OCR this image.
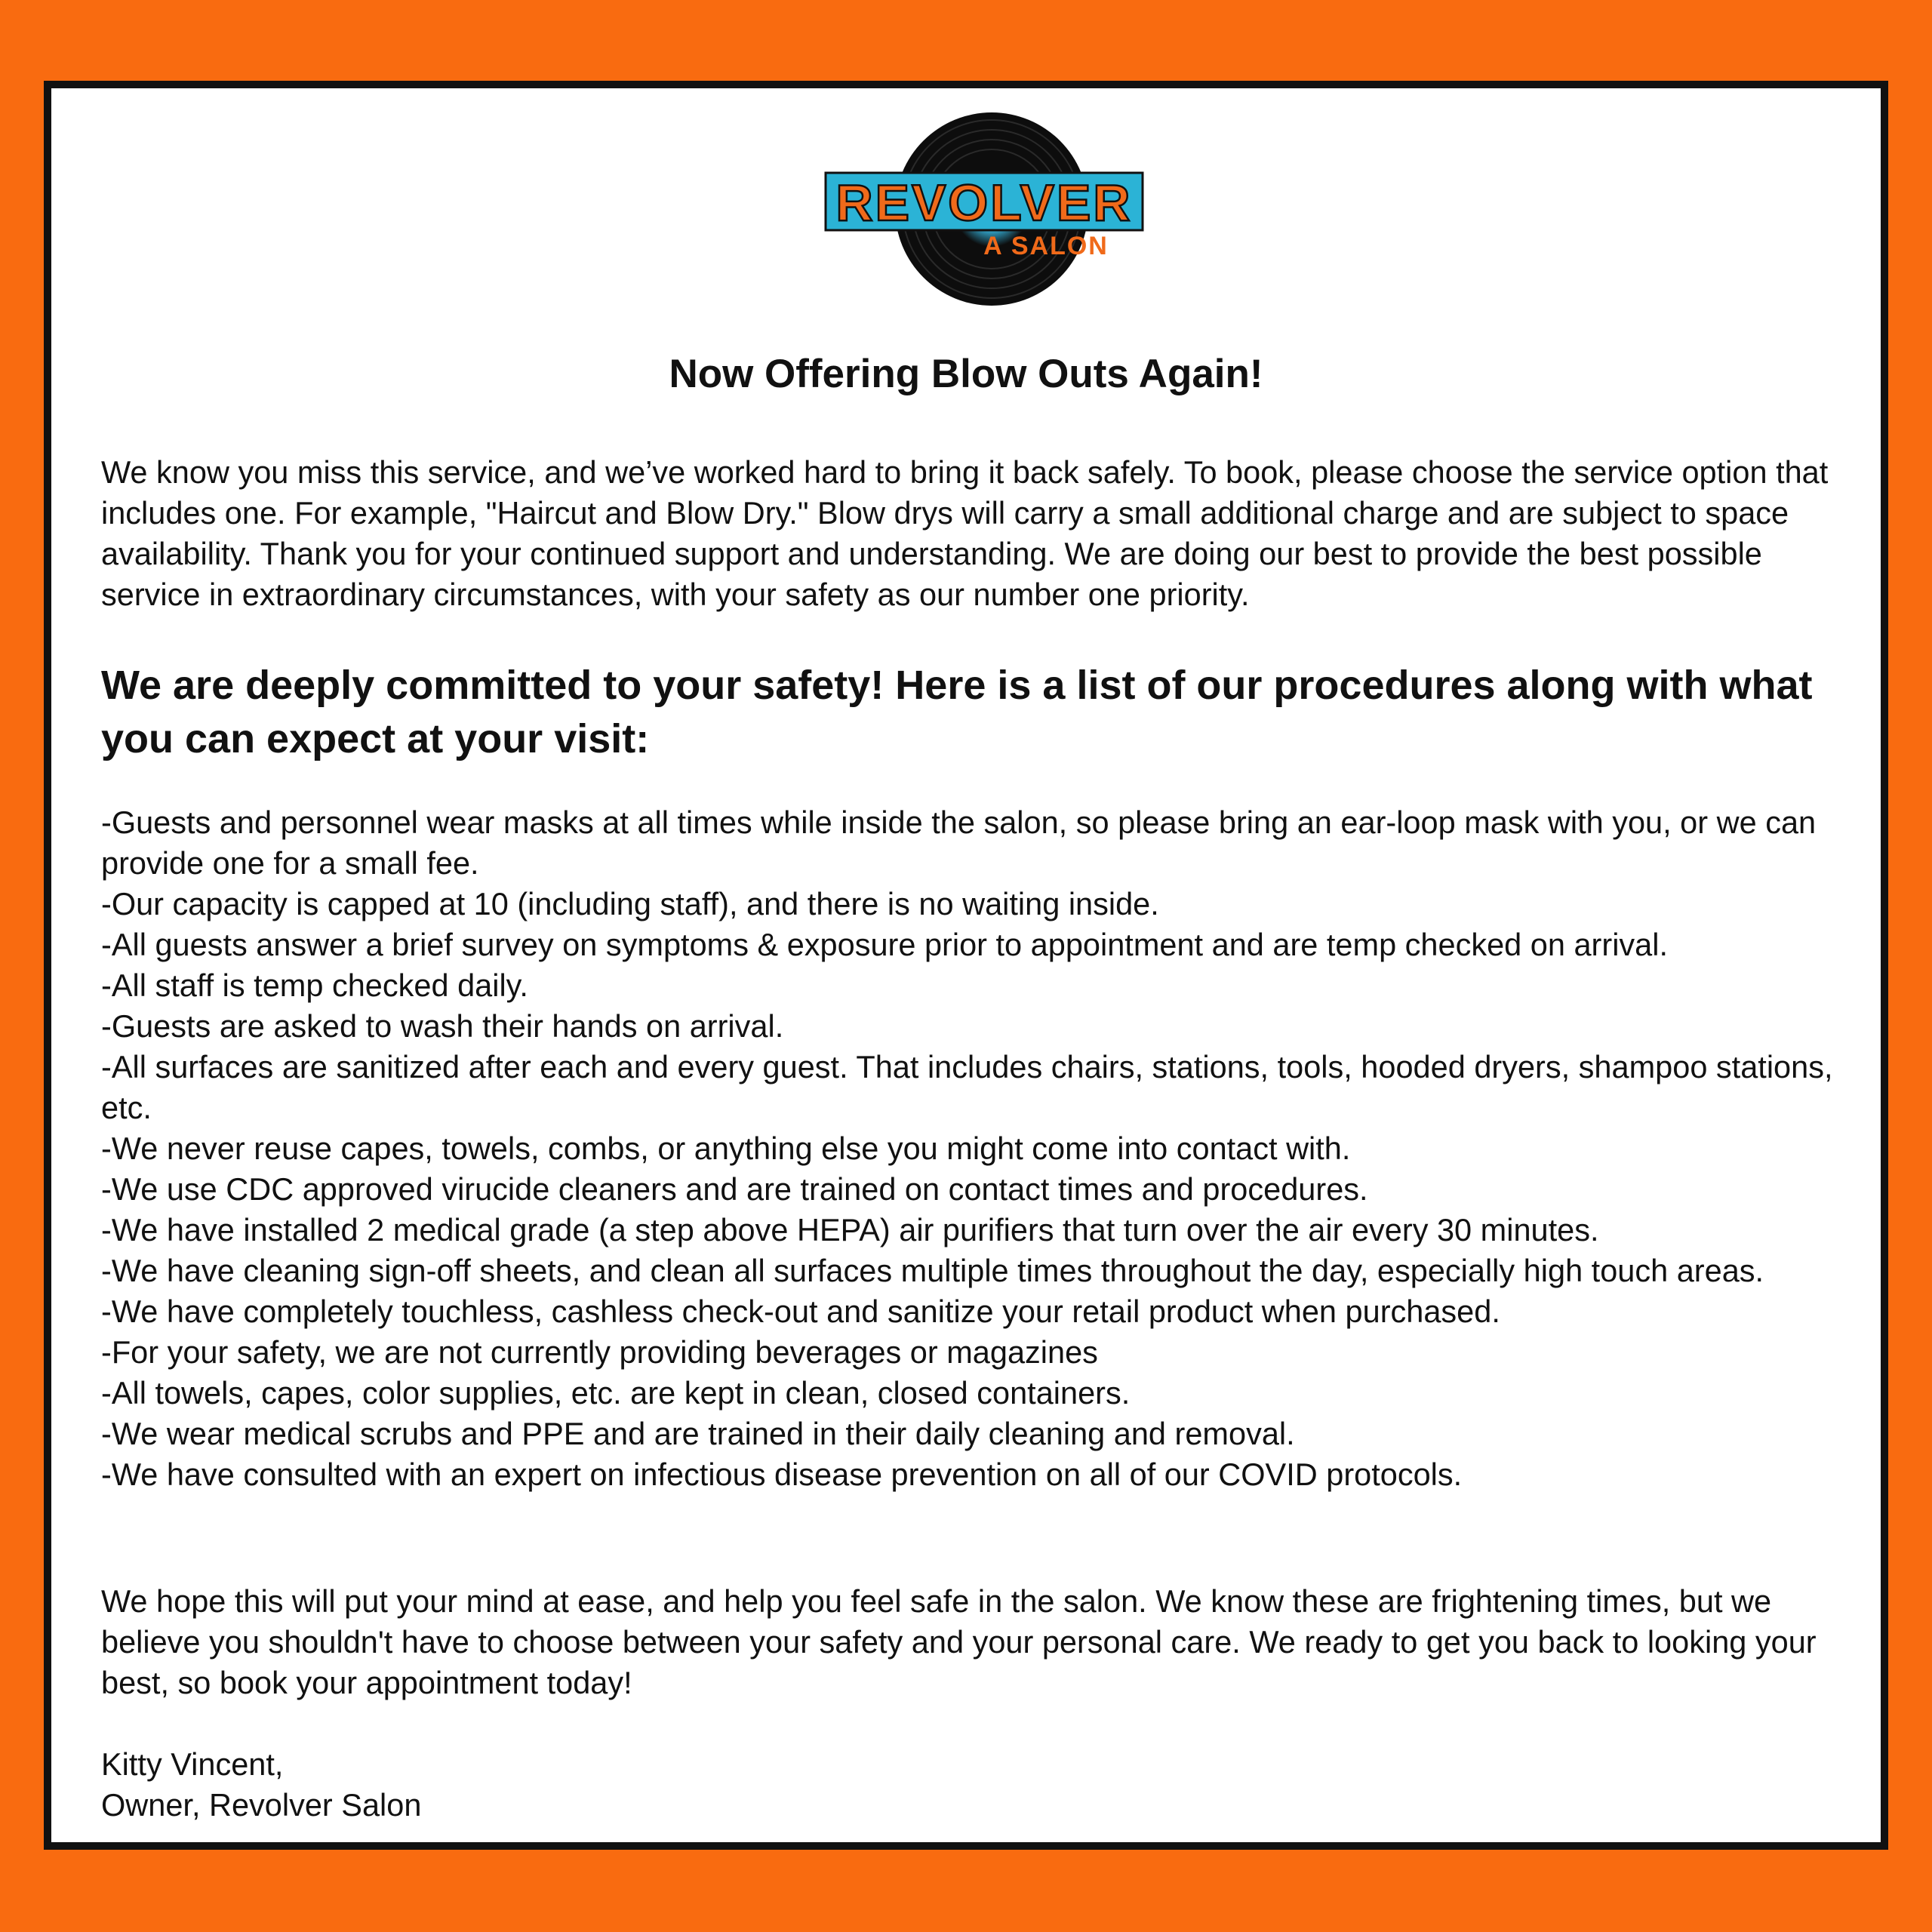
REVOLVER
A SALON
Now Offering Blow Outs Again!

We know you miss this service, and we’ve worked hard to bring it back safely. To book, please choose the service option that includes one. For example, "Haircut and Blow Dry." Blow drys will carry a small additional charge and are subject to space availability. Thank you for your continued support and understanding. We are doing our best to provide the best possible service in extraordinary circumstances, with your safety as our number one priority.

We are deeply committed to your safety! Here is a list of our procedures along with what you can expect at your visit:
-Guests and personnel wear masks at all times while inside the salon, so please bring an ear-loop mask with you, or we can provide one for a small fee.
-Our capacity is capped at 10 (including staff), and there is no waiting inside.
-All guests answer a brief survey on symptoms & exposure prior to appointment and are temp checked on arrival.
-All staff is temp checked daily.
-Guests are asked to wash their hands on arrival.
-All surfaces are sanitized after each and every guest. That includes chairs, stations, tools, hooded dryers, shampoo stations, etc.
-We never reuse capes, towels, combs, or anything else you might come into contact with.
-We use CDC approved virucide cleaners and are trained on contact times and procedures.
-We have installed 2 medical grade (a step above HEPA) air purifiers that turn over the air every 30 minutes.
-We have cleaning sign-off sheets, and clean all surfaces multiple times throughout the day, especially high touch areas.
-We have completely touchless, cashless check-out and sanitize your retail product when purchased.
-For your safety, we are not currently providing beverages or magazines
-All towels, capes, color supplies, etc. are kept in clean, closed containers.
-We wear medical scrubs and PPE and are trained in their daily cleaning and removal.
-We have consulted with an expert on infectious disease prevention on all of our COVID protocols.

We hope this will put your mind at ease, and help you feel safe in the salon. We know these are frightening times, but we believe you shouldn't have to choose between your safety and your personal care. We ready to get you back to looking your best, so book your appointment today!

Kitty Vincent,
Owner, Revolver Salon
